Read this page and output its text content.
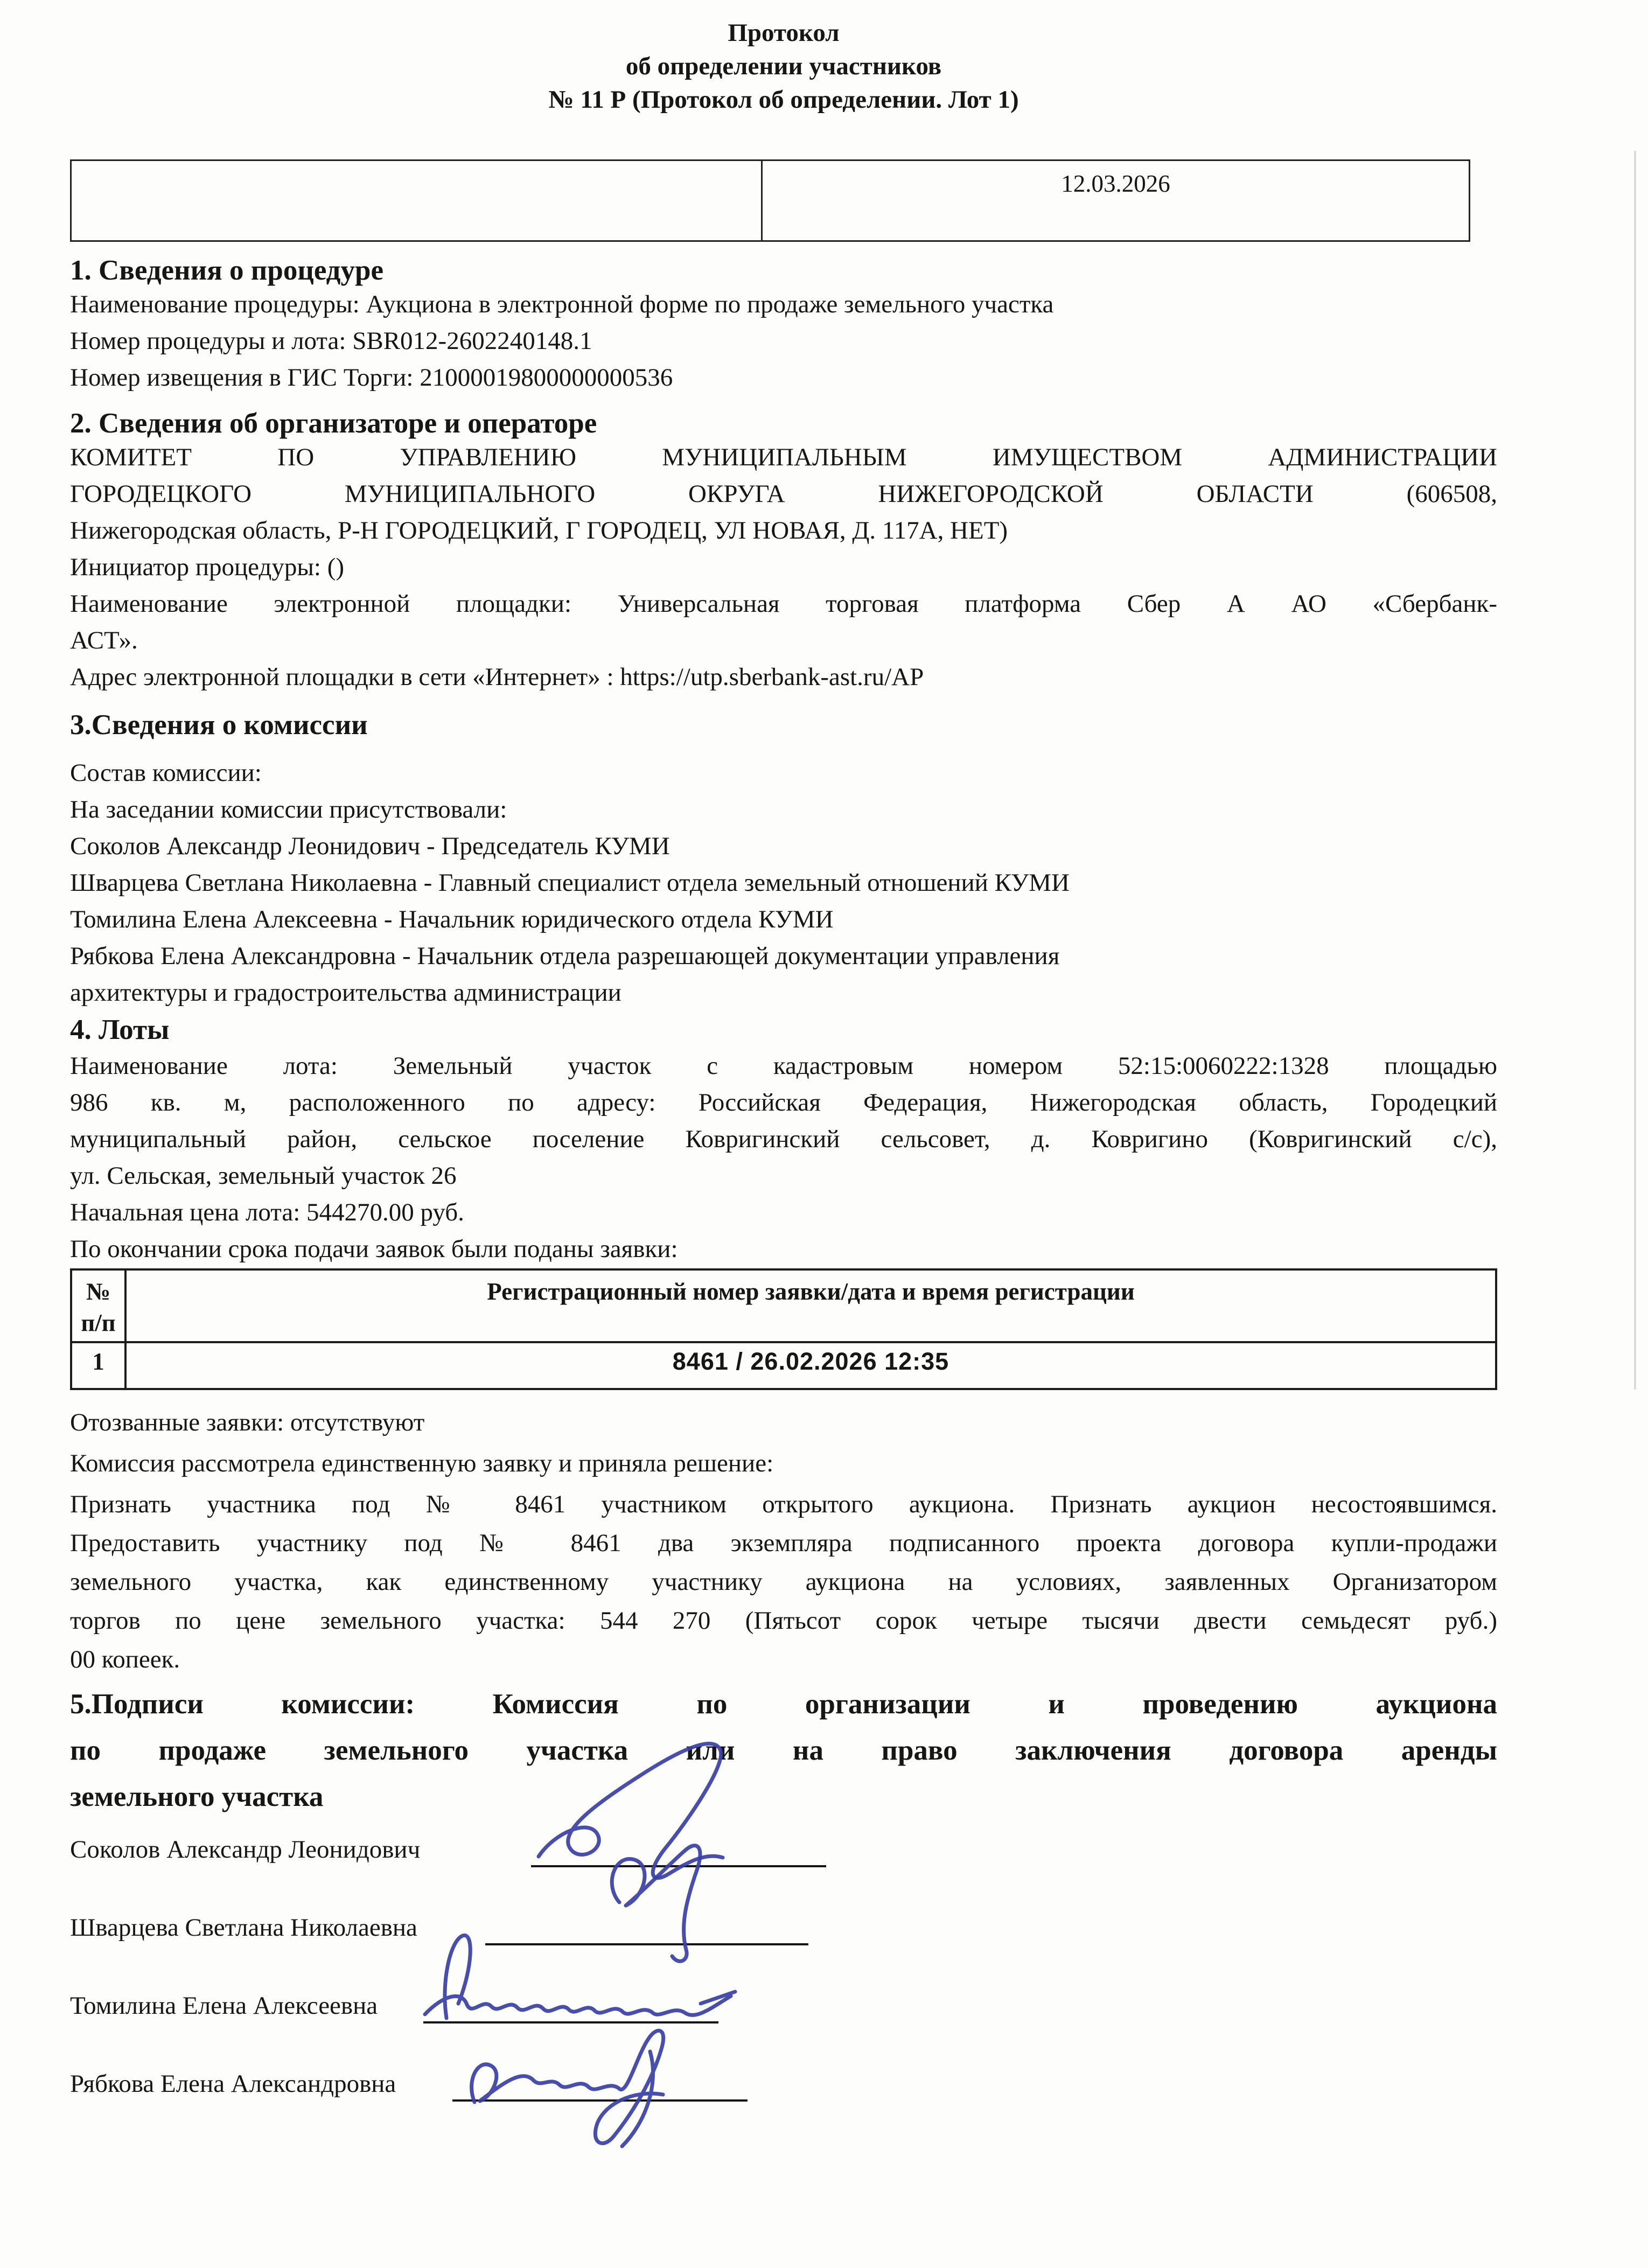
Протокол
об определении участников
№ 11 Р (Протокол об определении. Лот 1)
	12.03.2026
1. Сведения о процедуре
Наименование процедуры: Аукциона в электронной форме по продаже земельного участка
Номер процедуры и лота: SBR012-2602240148.1
Номер извещения в ГИС Торги: 21000019800000000536
2. Сведения об организаторе и операторе
КОМИТЕТ ПО УПРАВЛЕНИЮ МУНИЦИПАЛЬНЫМ ИМУЩЕСТВОМ АДМИНИСТРАЦИИ
ГОРОДЕЦКОГО МУНИЦИПАЛЬНОГО ОКРУГА НИЖЕГОРОДСКОЙ ОБЛАСТИ (606508,
Нижегородская область, Р-Н ГОРОДЕЦКИЙ, Г ГОРОДЕЦ, УЛ НОВАЯ, Д. 117А, НЕТ)
Инициатор процедуры: ()
Наименование электронной площадки: Универсальная торговая платформа Сбер А АО «Сбербанк-
АСТ».
Адрес электронной площадки в сети «Интернет» : https://utp.sberbank-ast.ru/AP
3.Сведения о комиссии
Состав комиссии:
На заседании комиссии присутствовали:
Соколов Александр Леонидович - Председатель КУМИ
Шварцева Светлана Николаевна - Главный специалист отдела земельный отношений КУМИ
Томилина Елена Алексеевна - Начальник юридического отдела КУМИ
Рябкова Елена Александровна - Начальник отдела разрешающей документации управления
архитектуры и градостроительства администрации
4. Лоты
Наименование лота: Земельный участок с кадастровым номером 52:15:0060222:1328 площадью
986 кв. м, расположенного по адресу: Российская Федерация, Нижегородская область, Городецкий
муниципальный район, сельское поселение Ковригинский сельсовет, д. Ковригино (Ковригинский с/с),
ул. Сельская, земельный участок 26
Начальная цена лота: 544270.00 руб.
По окончании срока подачи заявок были поданы заявки:
№
п/п	Регистрационный номер заявки/дата и время регистрации
1	8461 / 26.02.2026 12:35
Отозванные заявки: отсутствуют
Комиссия рассмотрела единственную заявку и приняла решение:
Признать участника под № 8461 участником открытого аукциона. Признать аукцион несостоявшимся.
Предоставить участнику под № 8461 два экземпляра подписанного проекта договора купли-продажи
земельного участка, как единственному участнику аукциона на условиях, заявленных Организатором
торгов по цене земельного участка: 544 270 (Пятьсот сорок четыре тысячи двести семьдесят руб.)
00 копеек.
5.Подписи комиссии: Комиссия по организации и проведению аукциона
по продаже земельного участка или на право заключения договора аренды
земельного участка
Соколов Александр Леонидович
Шварцева Светлана Николаевна
Томилина Елена Алексеевна
Рябкова Елена Александровна
